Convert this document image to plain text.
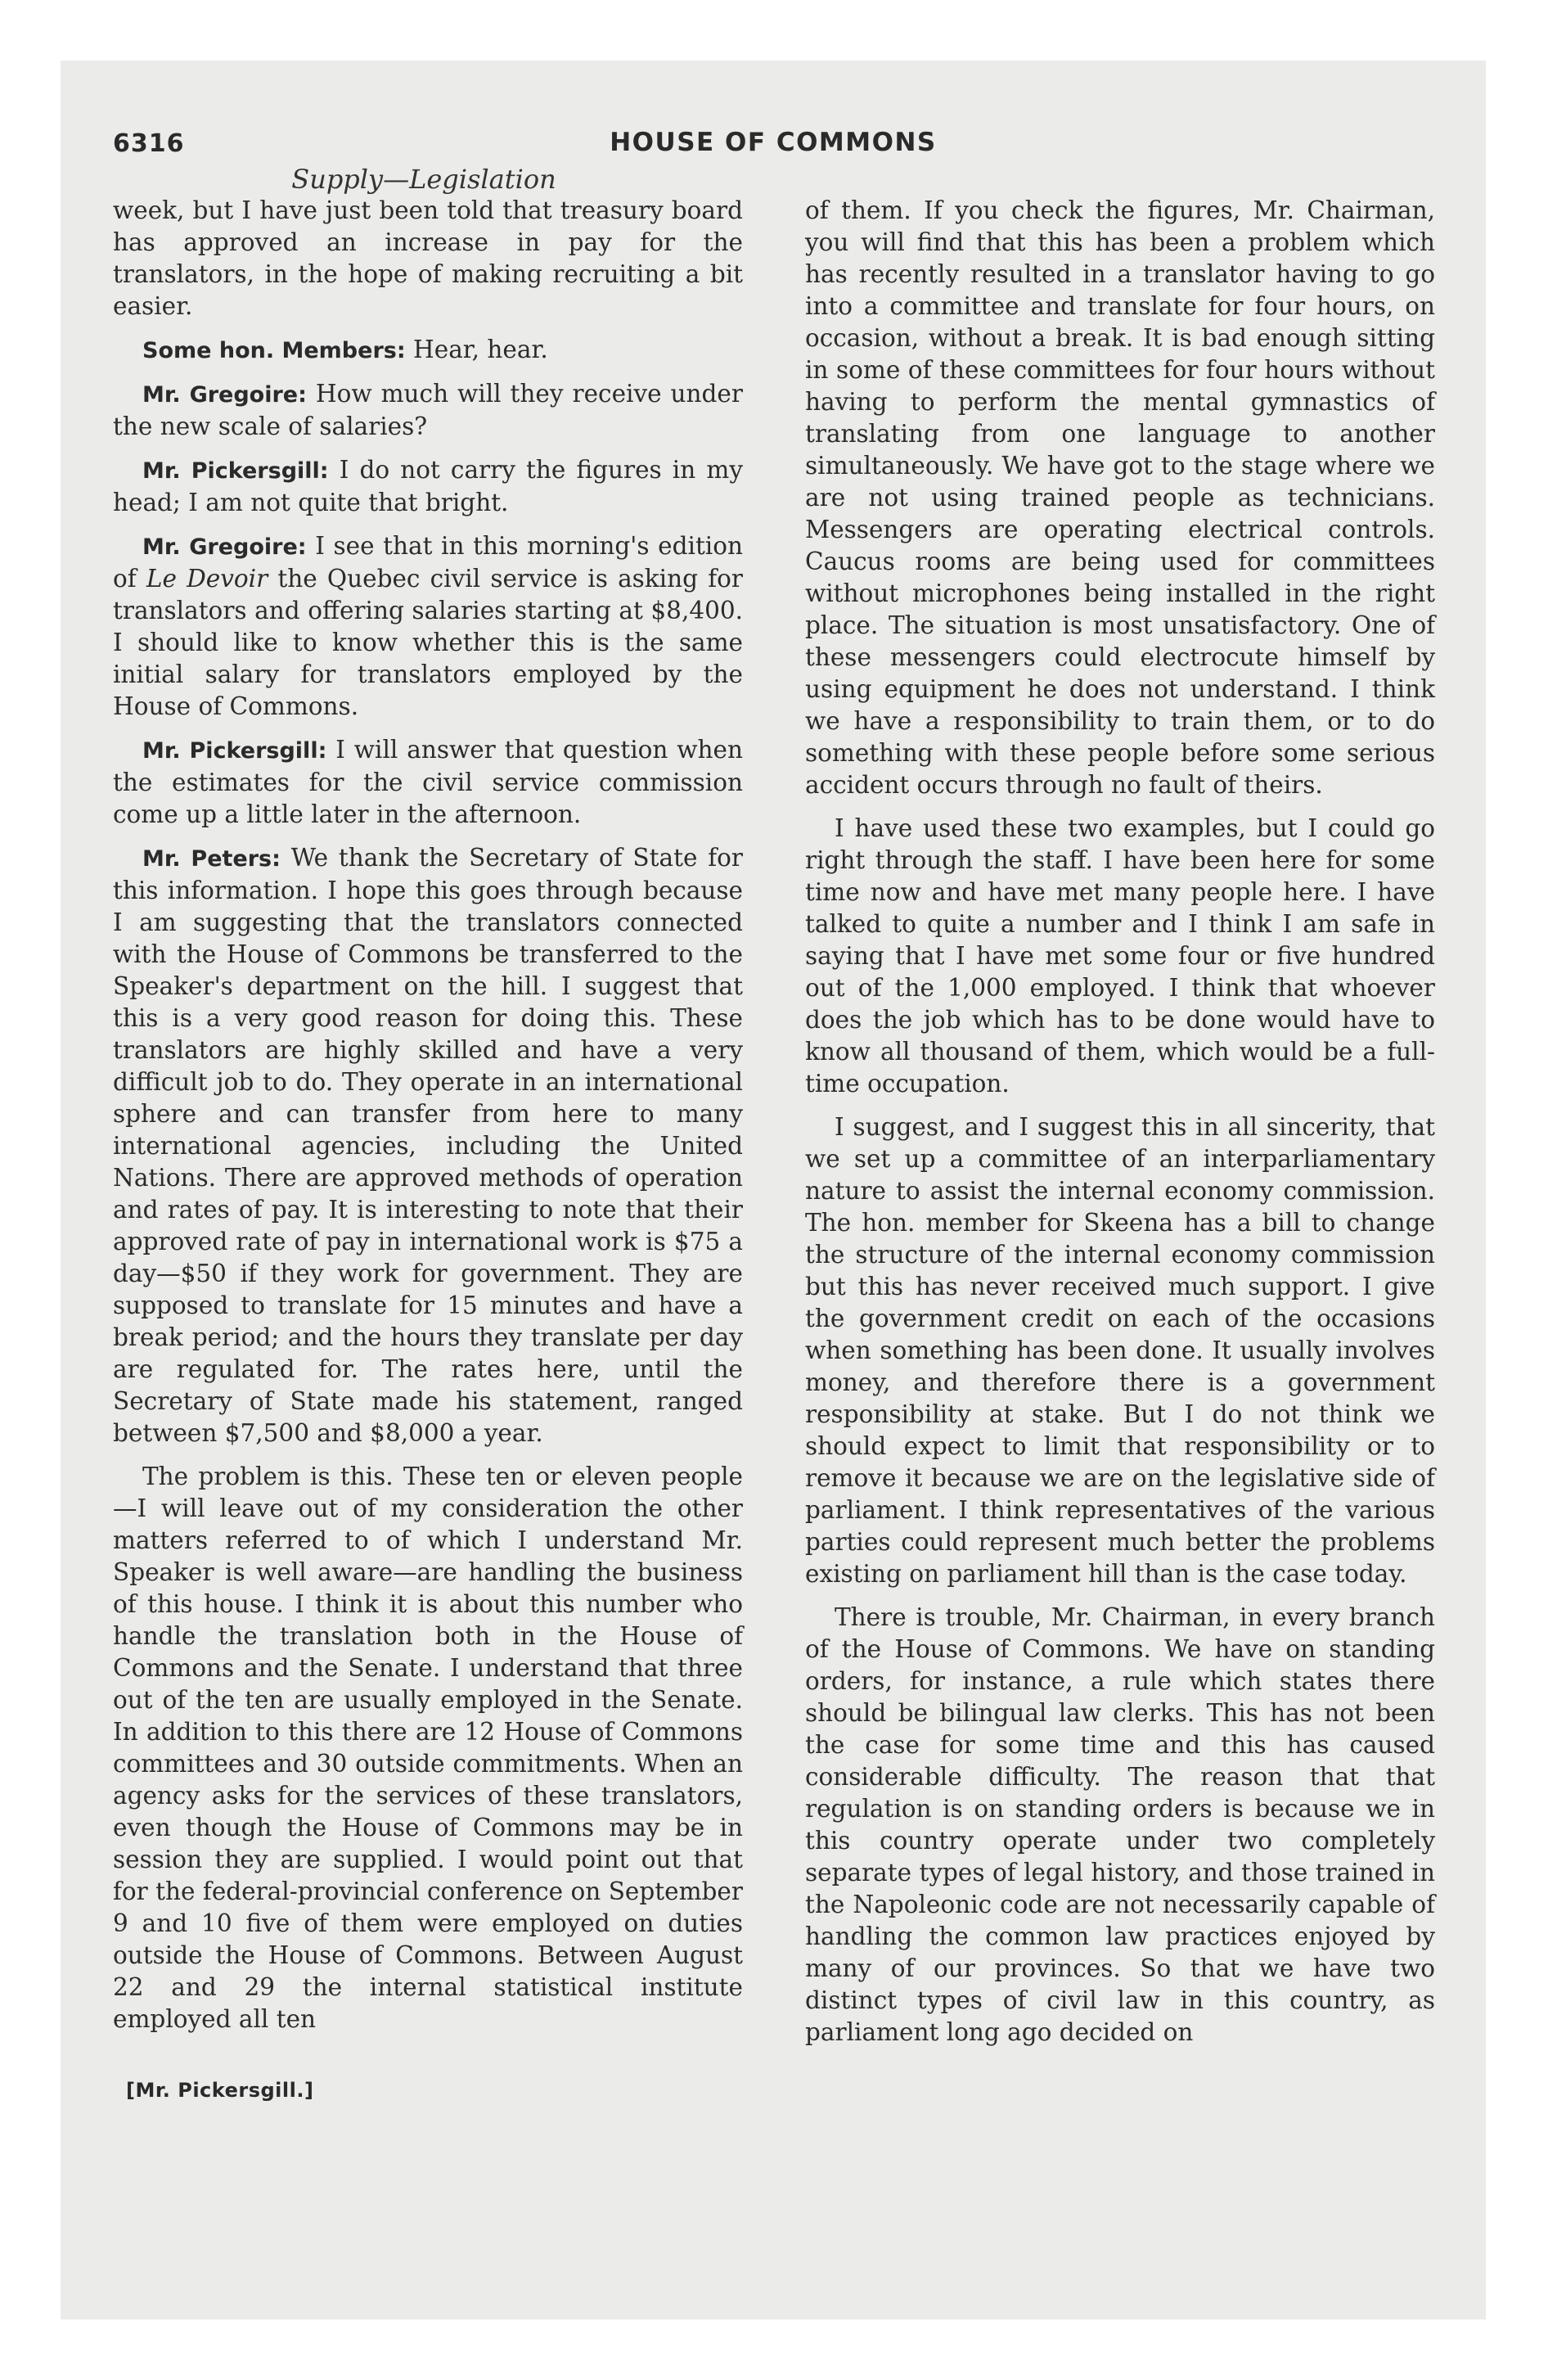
6316	HOUSE OF COMMONS
Supply—Legislation

week, but I have just been told that treasury board has approved an increase in pay for the translators, in the hope of making recruiting a bit easier.

Some hon. Members: Hear, hear.

Mr. Gregoire: How much will they receive under the new scale of salaries?

Mr. Pickersgill: I do not carry the figures in my head; I am not quite that bright.

Mr. Gregoire: I see that in this morning's edition of Le Devoir the Quebec civil service is asking for translators and offering salaries starting at $8,400. I should like to know whether this is the same initial salary for translators employed by the House of Commons.

Mr. Pickersgill: I will answer that question when the estimates for the civil service commission come up a little later in the afternoon.

Mr. Peters: We thank the Secretary of State for this information. I hope this goes through because I am suggesting that the translators connected with the House of Commons be transferred to the Speaker's department on the hill. I suggest that this is a very good reason for doing this. These translators are highly skilled and have a very difficult job to do. They operate in an international sphere and can transfer from here to many international agencies, including the United Nations. There are approved methods of operation and rates of pay. It is interesting to note that their approved rate of pay in international work is $75 a day—$50 if they work for government. They are supposed to translate for 15 minutes and have a break period; and the hours they translate per day are regulated for. The rates here, until the Secretary of State made his statement, ranged between $7,500 and $8,000 a year.

The problem is this. These ten or eleven people—I will leave out of my consideration the other matters referred to of which I understand Mr. Speaker is well aware—are handling the business of this house. I think it is about this number who handle the translation both in the House of Commons and the Senate. I understand that three out of the ten are usually employed in the Senate. In addition to this there are 12 House of Commons committees and 30 outside commitments. When an agency asks for the services of these translators, even though the House of Commons may be in session they are supplied. I would point out that for the federal-provincial conference on September 9 and 10 five of them were employed on duties outside the House of Commons. Between August 22 and 29 the internal statistical institute employed all ten

of them. If you check the figures, Mr. Chairman, you will find that this has been a problem which has recently resulted in a translator having to go into a committee and translate for four hours, on occasion, without a break. It is bad enough sitting in some of these committees for four hours without having to perform the mental gymnastics of translating from one language to another simultaneously. We have got to the stage where we are not using trained people as technicians. Messengers are operating electrical controls. Caucus rooms are being used for committees without microphones being installed in the right place. The situation is most unsatisfactory. One of these messengers could electrocute himself by using equipment he does not understand. I think we have a responsibility to train them, or to do something with these people before some serious accident occurs through no fault of theirs.

I have used these two examples, but I could go right through the staff. I have been here for some time now and have met many people here. I have talked to quite a number and I think I am safe in saying that I have met some four or five hundred out of the 1,000 employed. I think that whoever does the job which has to be done would have to know all thousand of them, which would be a full-time occupation.

I suggest, and I suggest this in all sincerity, that we set up a committee of an interparliamentary nature to assist the internal economy commission. The hon. member for Skeena has a bill to change the structure of the internal economy commission but this has never received much support. I give the government credit on each of the occasions when something has been done. It usually involves money, and therefore there is a government responsibility at stake. But I do not think we should expect to limit that responsibility or to remove it because we are on the legislative side of parliament. I think representatives of the various parties could represent much better the problems existing on parliament hill than is the case today.

There is trouble, Mr. Chairman, in every branch of the House of Commons. We have on standing orders, for instance, a rule which states there should be bilingual law clerks. This has not been the case for some time and this has caused considerable difficulty. The reason that that regulation is on standing orders is because we in this country operate under two completely separate types of legal history, and those trained in the Napoleonic code are not necessarily capable of handling the common law practices enjoyed by many of our provinces. So that we have two distinct types of civil law in this country, as parliament long ago decided on

[Mr. Pickersgill.]
